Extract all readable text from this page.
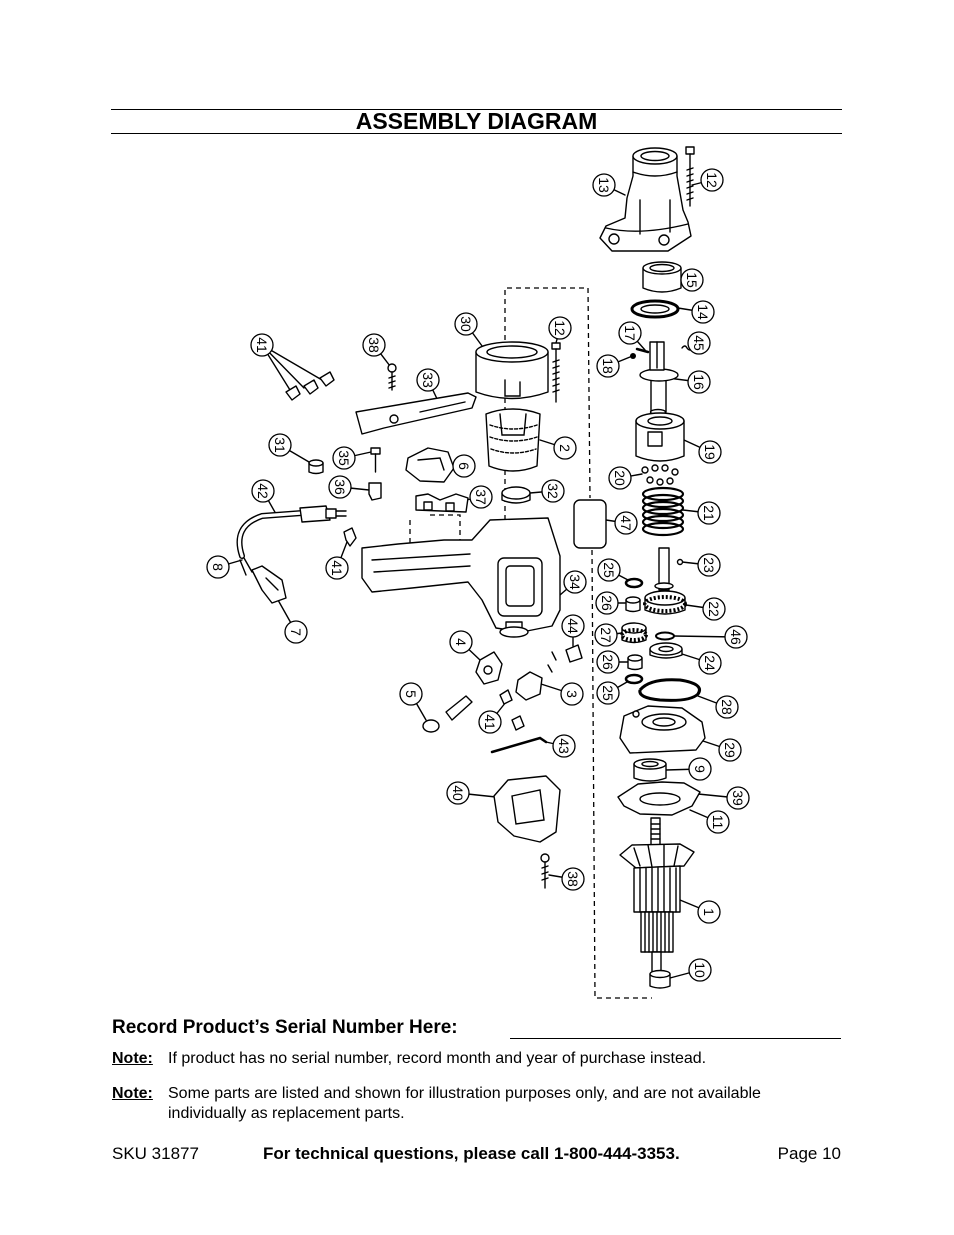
ASSEMBLY DIAGRAM
13	12
15
14
17
45
18
16
19
20
21
47
23
25
26	22
27	46
26	24
25
28
29
9
39
11
1
10
30	12
41	38
33
31	2
35
6
42	36
37	32
8	41
34
7	44
4
3
5
41
43
40
38
Record Product’s Serial Number Here:
Note: If product has no serial number, record month and year of purchase instead.
Note: Some parts are listed and shown for illustration purposes only, and are not available individually as replacement parts.
SKU 31877	For technical questions, please call 1-800-444-3353.	Page 10
